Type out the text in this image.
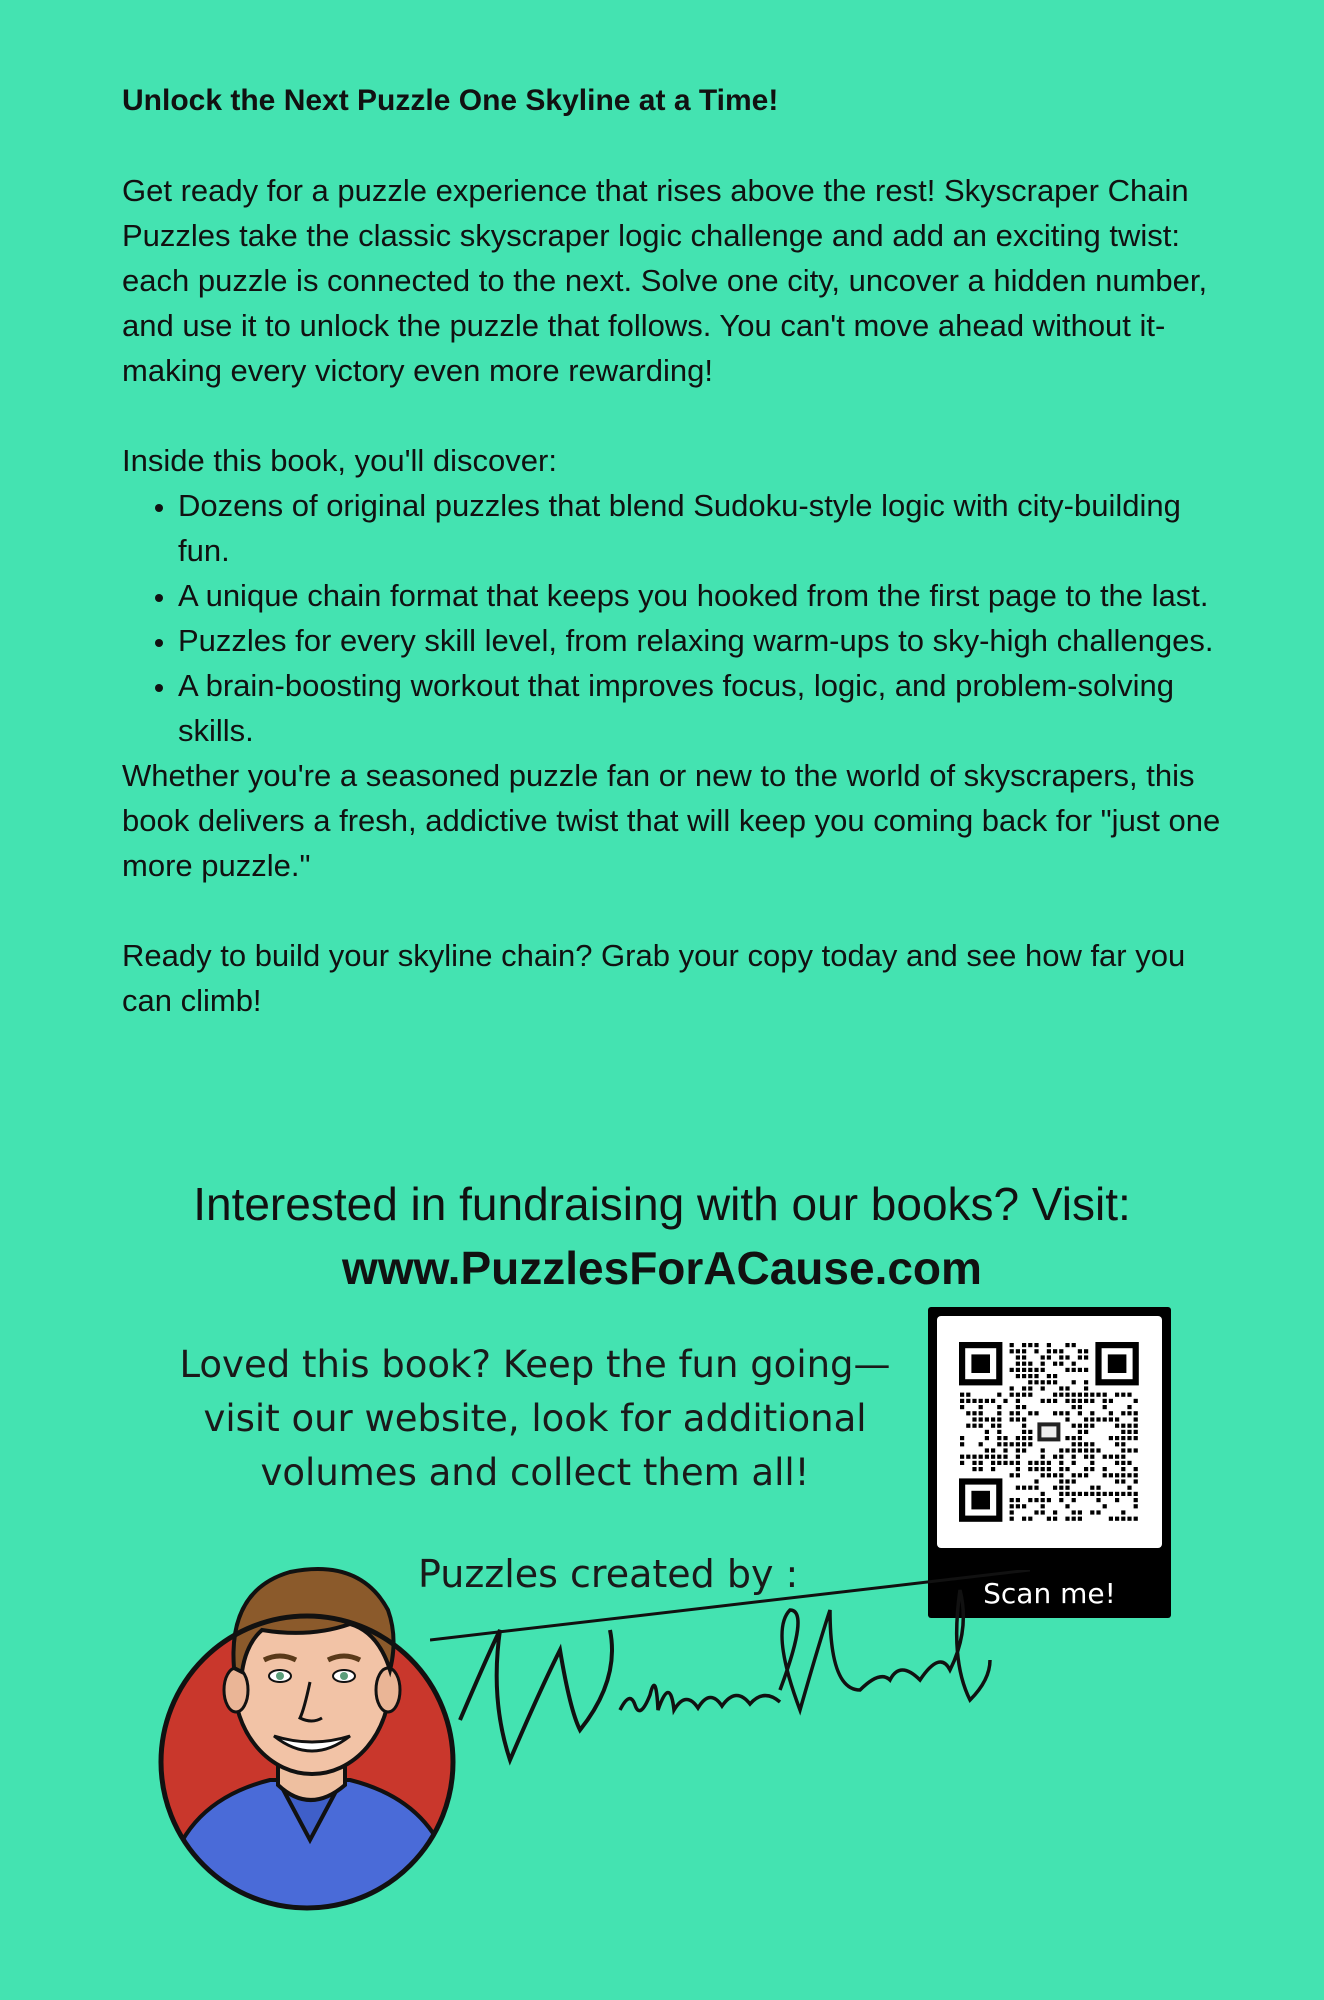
Unlock the Next Puzzle One Skyline at a Time!

Get ready for a puzzle experience that rises above the rest! Skyscraper Chain Puzzles take the classic skyscraper logic challenge and add an exciting twist: each puzzle is connected to the next. Solve one city, uncover a hidden number, and use it to unlock the puzzle that follows. You can't move ahead without it-making every victory even more rewarding!

Inside this book, you'll discover:

• Dozens of original puzzles that blend Sudoku-style logic with city-building fun.
• A unique chain format that keeps you hooked from the first page to the last.
• Puzzles for every skill level, from relaxing warm-ups to sky-high challenges.
• A brain-boosting workout that improves focus, logic, and problem-solving skills.

Whether you're a seasoned puzzle fan or new to the world of skyscrapers, this book delivers a fresh, addictive twist that will keep you coming back for "just one more puzzle."

Ready to build your skyline chain? Grab your copy today and see how far you can climb!

Interested in fundraising with our books? Visit:
www.PuzzlesForACause.com
Loved this book? Keep the fun going—visit our website, look for additional volumes and collect them all!
Scan me!
Puzzles created by :
